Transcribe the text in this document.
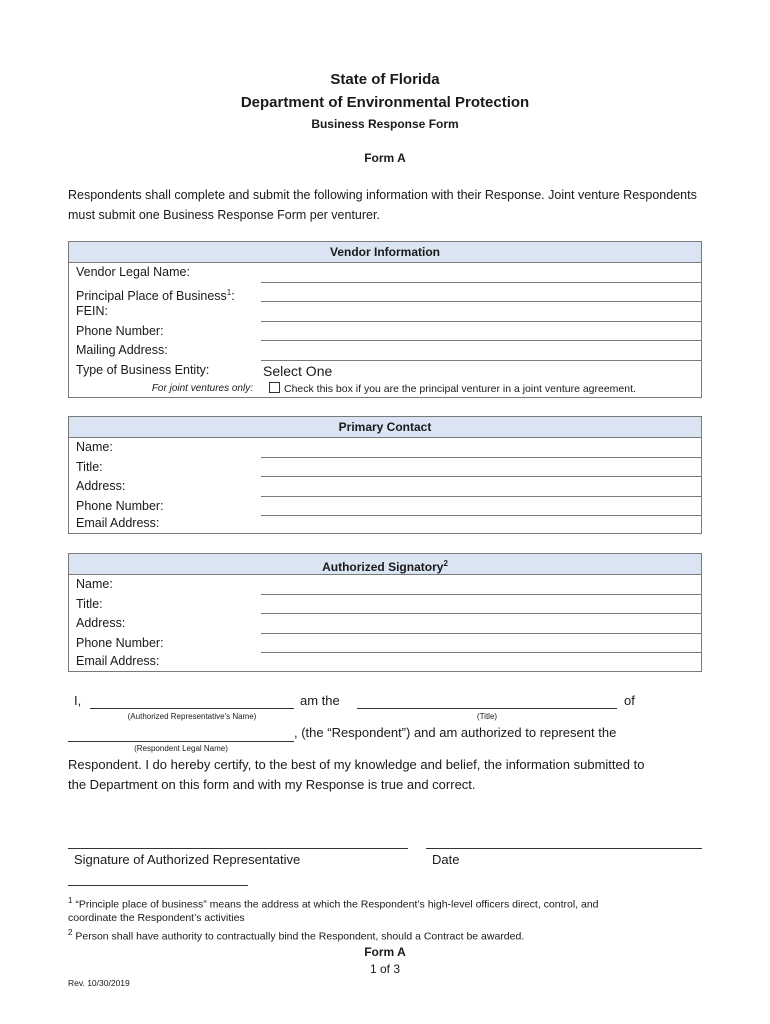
State of Florida
Department of Environmental Protection
Business Response Form
Form A
Respondents shall complete and submit the following information with their Response. Joint venture Respondents must submit one Business Response Form per venturer.
Vendor Information
Vendor Legal Name:
Principal Place of Business$^1$:
FEIN:
Phone Number:
Mailing Address:
Type of Business Entity:	Select One
For joint ventures only:	Check this box if you are the principal venturer in a joint venture agreement.
Primary Contact
Name:
Title:
Address:
Phone Number:
Email Address:
Authorized Signatory$^2$
Name:
Title:
Address:
Phone Number:
Email Address:
I,
(Authorized Representative's Name)
am the
(Title)
of
(Respondent Legal Name)
, (the “Respondent”) and am authorized to represent the
Respondent. I do hereby certify, to the best of my knowledge and belief, the information submitted to
the Department on this form and with my Response is true and correct.
Signature of Authorized Representative	Date
$^1$ “Principle place of business” means the address at which the Respondent’s high-level officers direct, control, and
coordinate the Respondent’s activities
$^2$ Person shall have authority to contractually bind the Respondent, should a Contract be awarded.
Form A
1 of 3
Rev. 10/30/2019
